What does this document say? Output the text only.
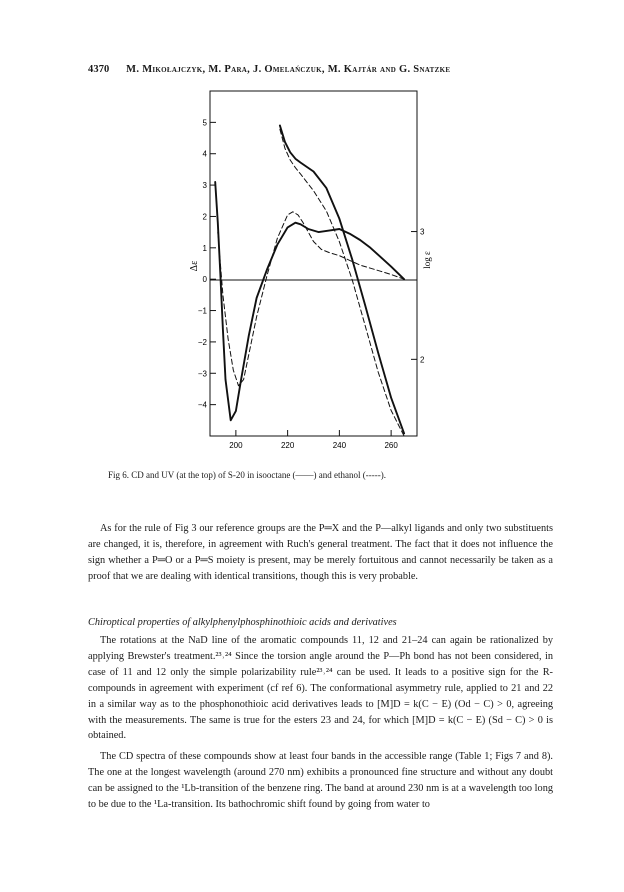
4370 M. Mikołajczyk, M. Para, J. Omelańczuk, M. Kajtár and G. Snatzke
5
4
3
2
1
0
−1
−2
−3
−4
3
2
200	220	240	260
Δε	log ε
Fig 6. CD and UV (at the top) of S-20 in isooctane (——) and ethanol (-----).

As for the rule of Fig 3 our reference groups are the P═X and the P—alkyl ligands and only two substituents are changed, it is, therefore, in agreement with Ruch's general treatment. The fact that it does not influence the sign whether a P═O or a P═S moiety is present, may be merely fortuitous and cannot necessarily be taken as a proof that we are dealing with identical transitions, though this is very probable.

Chiroptical properties of alkylphenylphosphinothioic acids and derivatives

The rotations at the NaD line of the aromatic compounds 11, 12 and 21–24 can again be rationalized by applying Brewster's treatment.²³˒²⁴ Since the torsion angle around the P—Ph bond has not been considered, in case of 11 and 12 only the simple polarizability rule²³˒²⁴ can be used. It leads to a positive sign for the R-compounds in agreement with experiment (cf ref 6). The conformational asymmetry rule, applied to 21 and 22 in a similar way as to the phosphonothioic acid derivatives leads to [M]D = k(C − E) (Od − C) > 0, agreeing with the measurements. The same is true for the esters 23 and 24, for which [M]D = k(C − E) (Sd − C) > 0 is obtained.

The CD spectra of these compounds show at least four bands in the accessible range (Table 1; Figs 7 and 8). The one at the longest wavelength (around 270 nm) exhibits a pronounced fine structure and without any doubt can be assigned to the ¹Lb-transition of the benzene ring. The band at around 230 nm is at a wavelength too long to be due to the ¹La-transition. Its bathochromic shift found by going from water to
